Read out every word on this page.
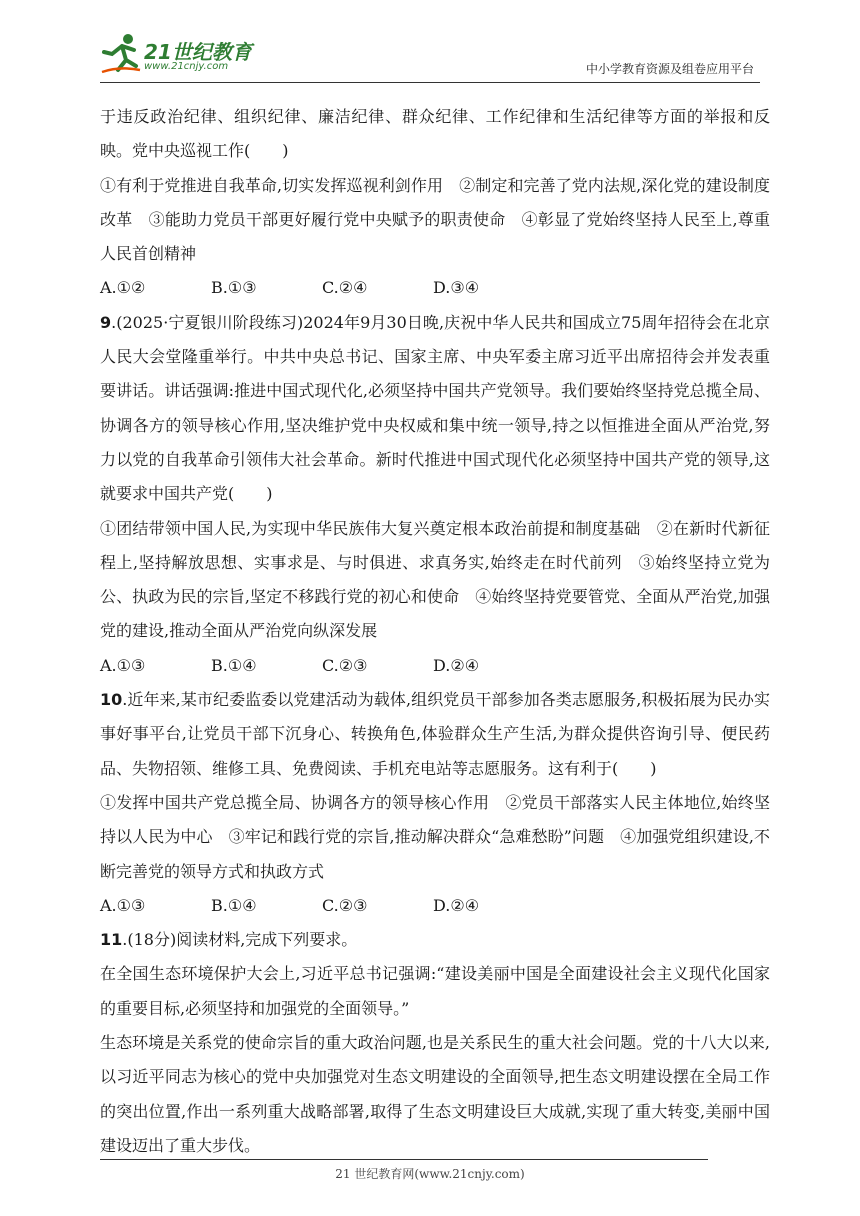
21世纪教育
www.21cnjy.com	中小学教育资源及组卷应用平台

于违反政治纪律、组织纪律、廉洁纪律、群众纪律、工作纪律和生活纪律等方面的举报和反映。党中央巡视工作(　　)

①有利于党推进自我革命,切实发挥巡视利剑作用　②制定和完善了党内法规,深化党的建设制度改革　③能助力党员干部更好履行党中央赋予的职责使命　④彰显了党始终坚持人民至上,尊重人民首创精神

A.①②	B.①③	C.②④	D.③④

9.(2025·宁夏银川阶段练习)2024年9月30日晚,庆祝中华人民共和国成立75周年招待会在北京人民大会堂隆重举行。中共中央总书记、国家主席、中央军委主席习近平出席招待会并发表重要讲话。讲话强调:推进中国式现代化,必须坚持中国共产党领导。我们要始终坚持党总揽全局、协调各方的领导核心作用,坚决维护党中央权威和集中统一领导,持之以恒推进全面从严治党,努力以党的自我革命引领伟大社会革命。新时代推进中国式现代化必须坚持中国共产党的领导,这就要求中国共产党(　　)

①团结带领中国人民,为实现中华民族伟大复兴奠定根本政治前提和制度基础　②在新时代新征程上,坚持解放思想、实事求是、与时俱进、求真务实,始终走在时代前列　③始终坚持立党为公、执政为民的宗旨,坚定不移践行党的初心和使命　④始终坚持党要管党、全面从严治党,加强党的建设,推动全面从严治党向纵深发展

A.①③	B.①④	C.②③	D.②④

10.近年来,某市纪委监委以党建活动为载体,组织党员干部参加各类志愿服务,积极拓展为民办实事好事平台,让党员干部下沉身心、转换角色,体验群众生产生活,为群众提供咨询引导、便民药品、失物招领、维修工具、免费阅读、手机充电站等志愿服务。这有利于(　　)

①发挥中国共产党总揽全局、协调各方的领导核心作用　②党员干部落实人民主体地位,始终坚持以人民为中心　③牢记和践行党的宗旨,推动解决群众“急难愁盼”问题　④加强党组织建设,不断完善党的领导方式和执政方式

A.①③	B.①④	C.②③	D.②④

11.(18分)阅读材料,完成下列要求。

在全国生态环境保护大会上,习近平总书记强调:“建设美丽中国是全面建设社会主义现代化国家的重要目标,必须坚持和加强党的全面领导。”

生态环境是关系党的使命宗旨的重大政治问题,也是关系民生的重大社会问题。党的十八大以来,以习近平同志为核心的党中央加强党对生态文明建设的全面领导,把生态文明建设摆在全局工作的突出位置,作出一系列重大战略部署,取得了生态文明建设巨大成就,实现了重大转变,美丽中国建设迈出了重大步伐。

21 世纪教育网(www.21cnjy.com)
